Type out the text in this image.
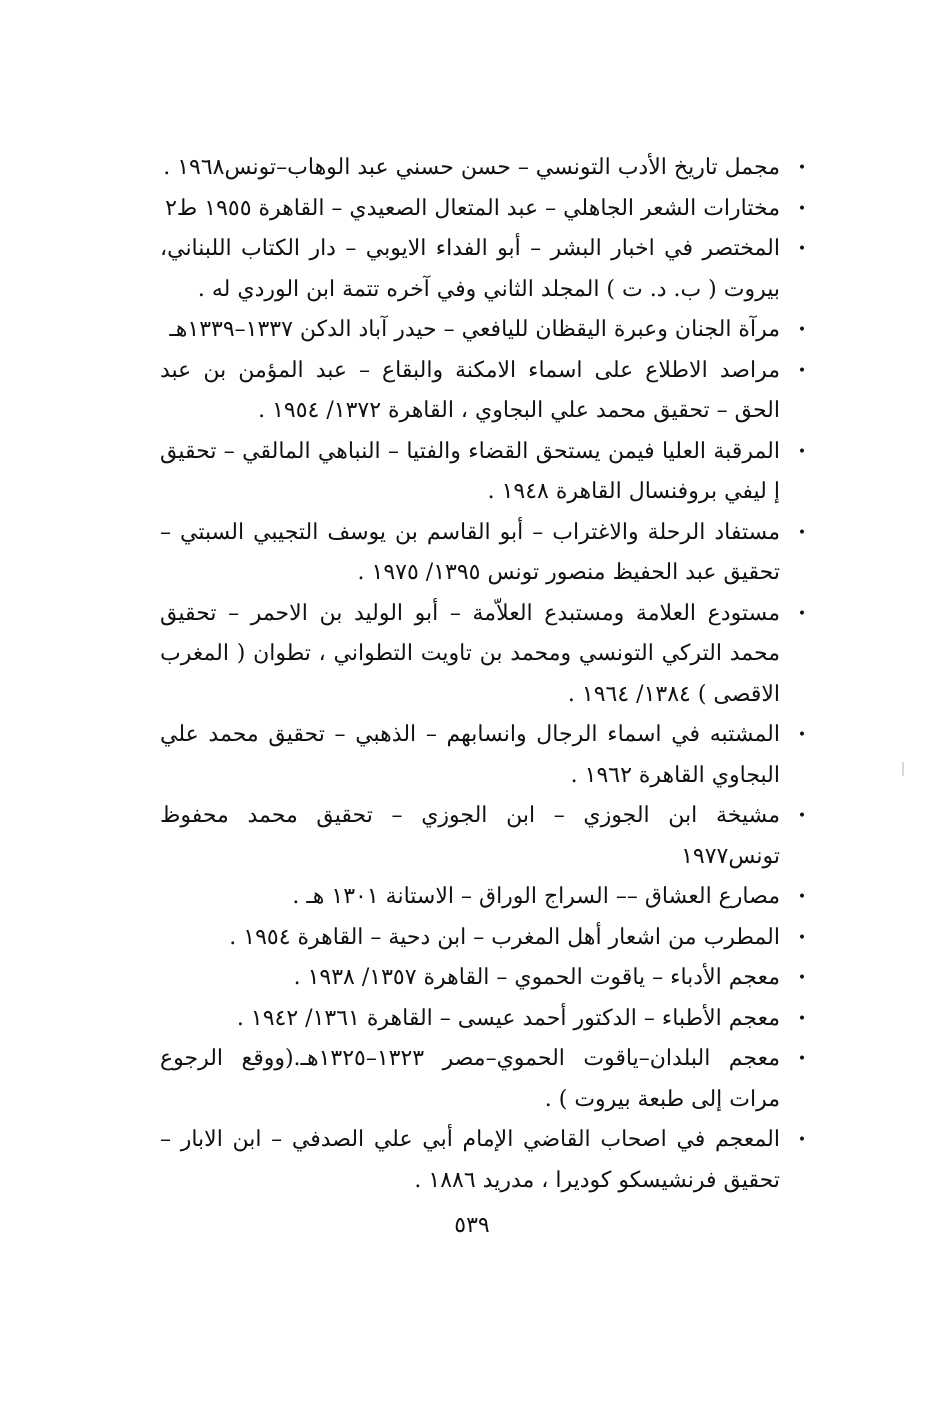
•
مجمل تاريخ الأدب التونسي – حسن حسني عبد الوهاب–تونس١٩٦٨ .
•
مختارات الشعر الجاهلي – عبد المتعال الصعيدي – القاهرة ١٩٥٥ ط٢
•
المختصر في اخبار البشر – أبو الفداء الايوبي – دار الكتاب اللبناني، بيروت ( ب. د. ت ) المجلد الثاني وفي آخره تتمة ابن الوردي له .
•
مرآة الجنان وعبرة اليقظان لليافعي – حيدر آباد الدكن ١٣٣٧–١٣٣٩هـ
•
مراصد الاطلاع على اسماء الامكنة والبقاع – عبد المؤمن بن عبد الحق – تحقيق محمد علي البجاوي ، القاهرة ١٣٧٢/ ١٩٥٤ .
•
المرقبة العليا فيمن يستحق القضاء والفتيا – النباهي المالقي – تحقيق إ ليفي بروفنسال القاهرة ١٩٤٨ .
•
مستفاد الرحلة والاغتراب – أبو القاسم بن يوسف التجيبي السبتي – تحقيق عبد الحفيظ منصور تونس ١٣٩٥/ ١٩٧٥ .
•
مستودع العلامة ومستبدع العلاّمة – أبو الوليد بن الاحمر – تحقيق محمد التركي التونسي ومحمد بن تاويت التطواني ، تطوان ( المغرب الاقصى ) ١٣٨٤/ ١٩٦٤ .
•
المشتبه في اسماء الرجال وانسابهم – الذهبي – تحقيق محمد علي البجاوي القاهرة ١٩٦٢ .
•
مشيخة ابن الجوزي – ابن الجوزي – تحقيق محمد محفوظ تونس١٩٧٧
•
مصارع العشاق –– السراج الوراق – الاستانة ١٣٠١ هـ .
•
المطرب من اشعار أهل المغرب – ابن دحية – القاهرة ١٩٥٤ .
•
معجم الأدباء – ياقوت الحموي – القاهرة ١٣٥٧/ ١٩٣٨ .
•
معجم الأطباء – الدكتور أحمد عيسى – القاهرة ١٣٦١/ ١٩٤٢ .
•
معجم البلدان–ياقوت الحموي–مصر ١٣٢٣–١٣٢٥هـ.(ووقع الرجوع مرات إلى طبعة بيروت ) .
•
المعجم في اصحاب القاضي الإمام أبي علي الصدفي – ابن الابار – تحقيق فرنشيسكو كوديرا ، مدريد ١٨٨٦ .
٥٣٩
